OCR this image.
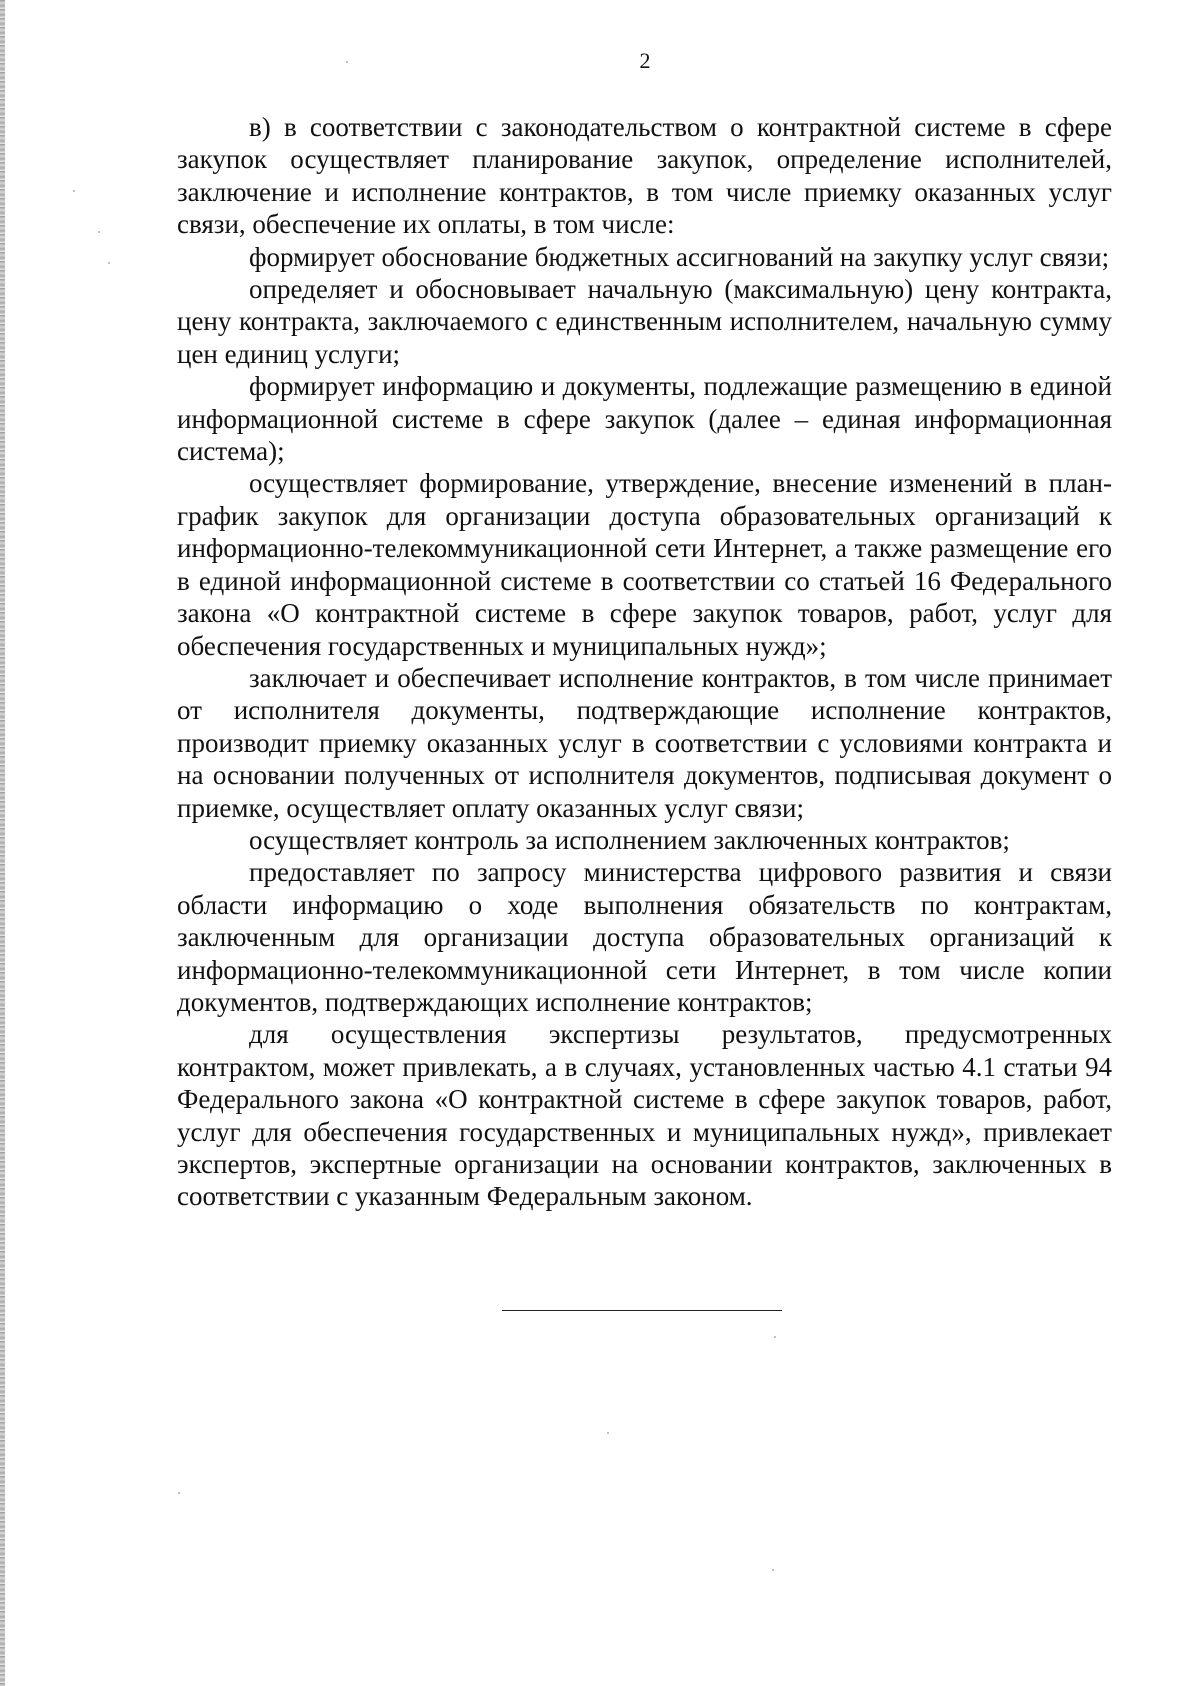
2

в) в соответствии с законодательством о контрактной системе в сфере закупок осуществляет планирование закупок, определение исполнителей, заключение и исполнение контрактов, в том числе приемку оказанных услуг связи, обеспечение их оплаты, в том числе:

формирует обоснование бюджетных ассигнований на закупку услуг связи;

определяет и обосновывает начальную (максимальную) цену контракта, цену контракта, заключаемого с единственным исполнителем, начальную сумму цен единиц услуги;

формирует информацию и документы, подлежащие размещению в единой информационной системе в сфере закупок (далее – единая информационная система);

осуществляет формирование, утверждение, внесение изменений в план-график закупок для организации доступа образовательных организаций к информационно-телекоммуникационной сети Интернет, а также размещение его в единой информационной системе в соответствии со статьей 16 Федерального закона «О контрактной системе в сфере закупок товаров, работ, услуг для обеспечения государственных и муниципальных нужд»;

заключает и обеспечивает исполнение контрактов, в том числе принимает от исполнителя документы, подтверждающие исполнение контрактов, производит приемку оказанных услуг в соответствии с условиями контракта и на основании полученных от исполнителя документов, подписывая документ о приемке, осуществляет оплату оказанных услуг связи;

осуществляет контроль за исполнением заключенных контрактов;

предоставляет по запросу министерства цифрового развития и связи области информацию о ходе выполнения обязательств по контрактам, заключенным для организации доступа образовательных организаций к информационно-телекоммуникационной сети Интернет, в том числе копии документов, подтверждающих исполнение контрактов;

для осуществления экспертизы результатов, предусмотренных контрактом, может привлекать, а в случаях, установленных частью 4.1 статьи 94 Федерального закона «О контрактной системе в сфере закупок товаров, работ, услуг для обеспечения государственных и муниципальных нужд», привлекает экспертов, экспертные организации на основании контрактов, заключенных в соответствии с указанным Федеральным законом.
